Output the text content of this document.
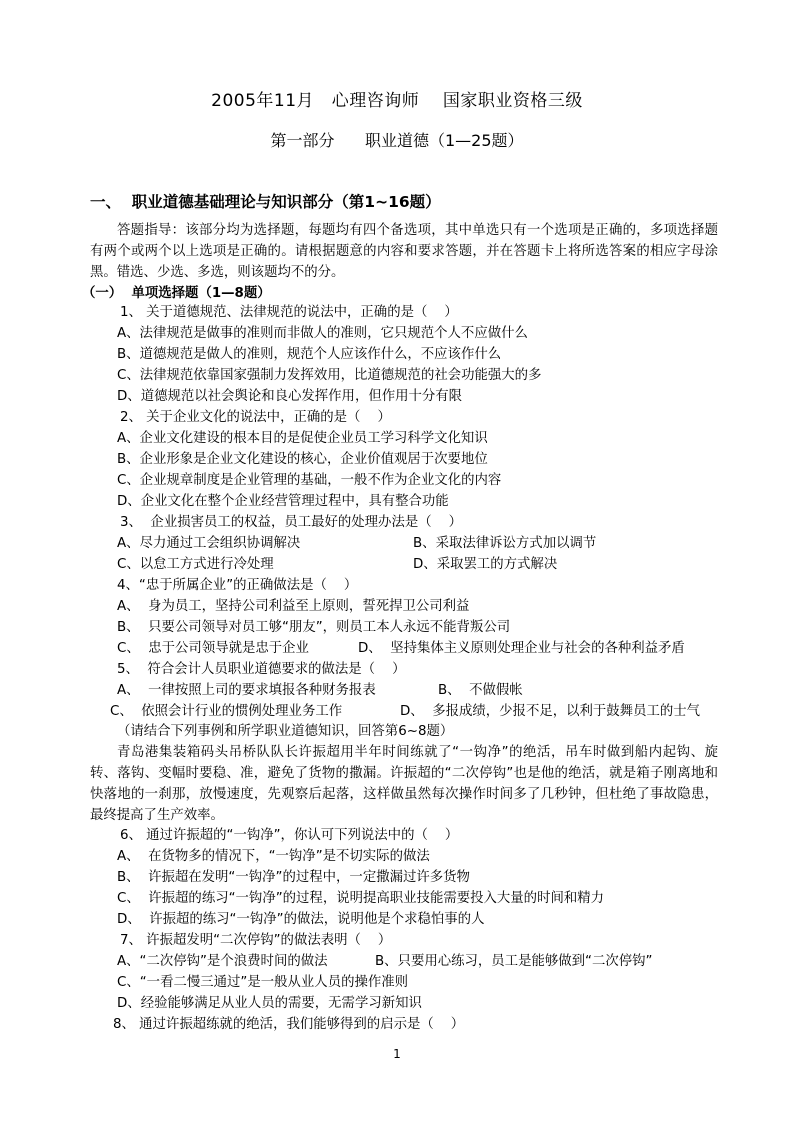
2005年11月   心理咨询师    国家职业资格三级
第一部分      职业道德（1—25题）
一、  职业道德基础理论与知识部分（第1~16题）
答题指导：该部分均为选择题，每题均有四个备选项，其中单选只有一个选项是正确的，多项选择题有两个或两个以上选项是正确的。请根据题意的内容和要求答题，并在答题卡上将所选答案的相应字母涂黑。错选、少选、多选，则该题均不的分。
（一）  单项选择题（1—8题）
1、 关于道德规范、法律规范的说法中，正确的是（    ）
A、法律规范是做事的准则而非做人的准则，它只规范个人不应做什么
B、道德规范是做人的准则，规范个人应该作什么，不应该作什么
C、法律规范依靠国家强制力发挥效用，比道德规范的社会功能强大的多
D、道德规范以社会舆论和良心发挥作用，但作用十分有限
2、 关于企业文化的说法中，正确的是（    ）
A、企业文化建设的根本目的是促使企业员工学习科学文化知识
B、企业形象是企业文化建设的核心，企业价值观居于次要地位
C、企业规章制度是企业管理的基础，一般不作为企业文化的内容
D、企业文化在整个企业经营管理过程中，具有整合功能
3、  企业损害员工的权益，员工最好的处理办法是（    ）
A、尽力通过工会组织协调解决	B、采取法律诉讼方式加以调节
C、以怠工方式进行冷处理	D、采取罢工的方式解决
4、“忠于所属企业”的正确做法是（    ）
A、  身为员工，坚持公司利益至上原则，誓死捍卫公司利益
B、  只要公司领导对员工够“朋友”，则员工本人永远不能背叛公司
C、  忠于公司领导就是忠于企业	D、  坚持集体主义原则处理企业与社会的各种利益矛盾
5、  符合会计人员职业道德要求的做法是（    ）
A、  一律按照上司的要求填报各种财务报表	B、  不做假帐
C、  依照会计行业的惯例处理业务工作	D、  多报成绩，少报不足，以利于鼓舞员工的士气
（请结合下列事例和所学职业道德知识，回答第6~8题）
青岛港集装箱码头吊桥队队长许振超用半年时间练就了“一钩净”的绝活，吊车时做到船内起钩、旋转、落钩、变幅时要稳、准，避免了货物的撒漏。许振超的“二次停钩”也是他的绝活，就是箱子刚离地和快落地的一刹那，放慢速度，先观察后起落，这样做虽然每次操作时间多了几秒钟，但杜绝了事故隐患，最终提高了生产效率。
6、 通过许振超的“一钩净”，你认可下列说法中的（    ）
A、  在货物多的情况下，“一钩净”是不切实际的做法
B、  许振超在发明“一钩净”的过程中，一定撒漏过许多货物
C、  许振超的练习“一钩净”的过程，说明提高职业技能需要投入大量的时间和精力
D、  许振超的练习“一钩净”的做法，说明他是个求稳怕事的人
7、 许振超发明“二次停钩”的做法表明（    ）
A、“二次停钩”是个浪费时间的做法	B、只要用心练习，员工是能够做到“二次停钩”
C、“一看二慢三通过”是一般从业人员的操作准则
D、经验能够满足从业人员的需要，无需学习新知识
8、 通过许振超练就的绝活，我们能够得到的启示是（    ）
1
